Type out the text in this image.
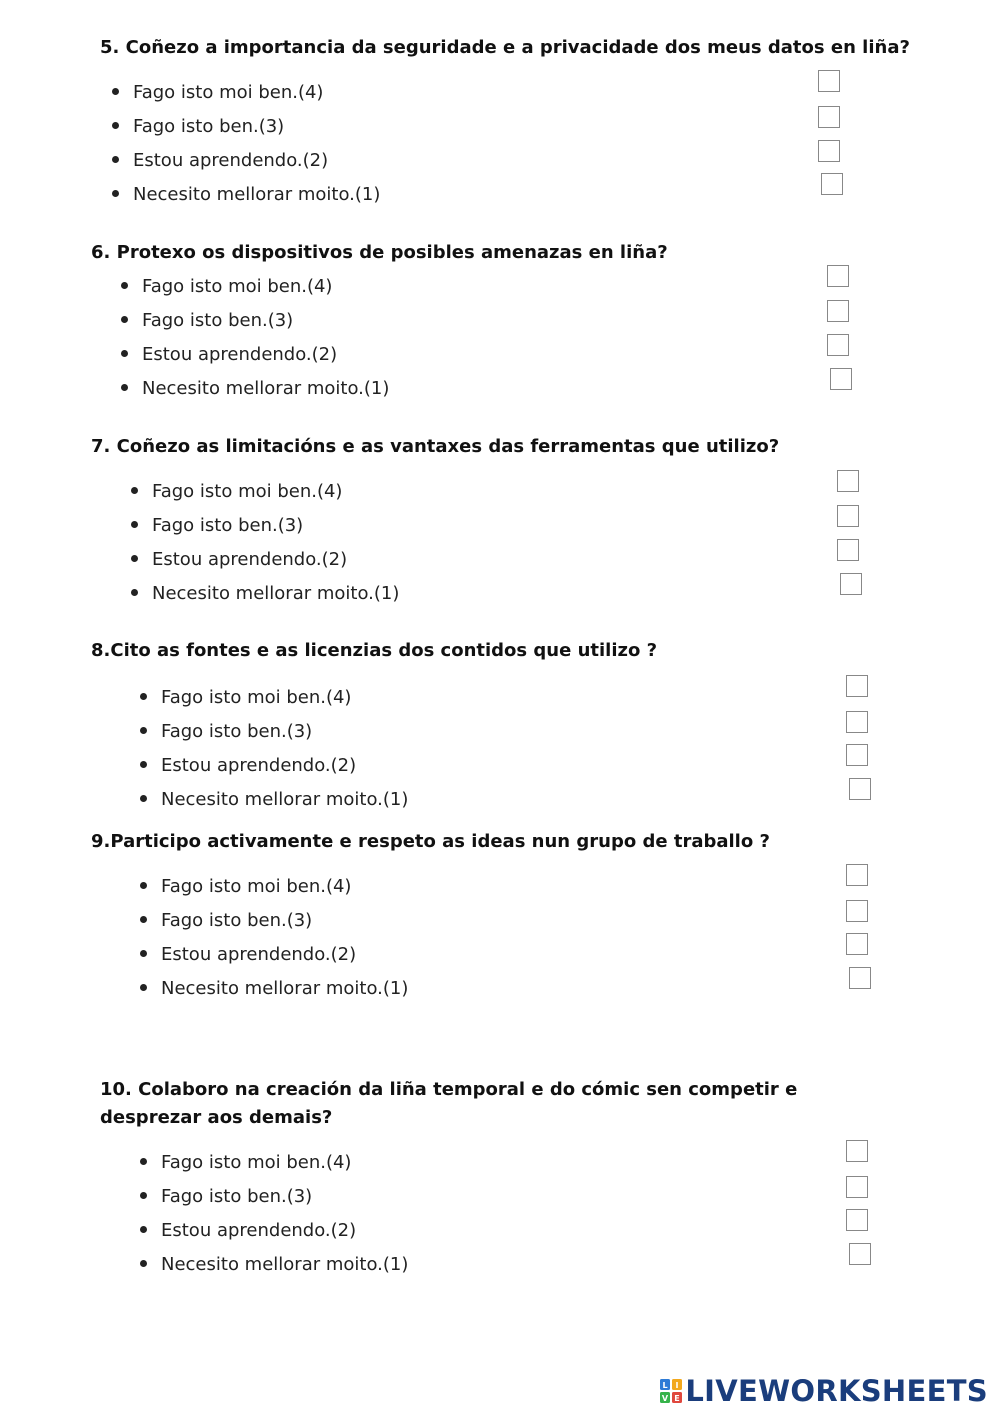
5. Coñezo a importancia da seguridade e a privacidade dos meus datos en liña?

Fago isto moi ben.(4)

Fago isto ben.(3)

Estou aprendendo.(2)

Necesito mellorar moito.(1)

6. Protexo os dispositivos de posibles amenazas en liña?

Fago isto moi ben.(4)

Fago isto ben.(3)

Estou aprendendo.(2)

Necesito mellorar moito.(1)

7. Coñezo as limitacións e as vantaxes das ferramentas que utilizo?

Fago isto moi ben.(4)

Fago isto ben.(3)

Estou aprendendo.(2)

Necesito mellorar moito.(1)

8.Cito as fontes e as licenzias dos contidos que utilizo ?

Fago isto moi ben.(4)

Fago isto ben.(3)

Estou aprendendo.(2)

Necesito mellorar moito.(1)

9.Participo activamente e respeto as ideas nun grupo de traballo ?

Fago isto moi ben.(4)

Fago isto ben.(3)

Estou aprendendo.(2)

Necesito mellorar moito.(1)

10. Colaboro na creación da liña temporal e do cómic sen competir e desprezar aos demais?

Fago isto moi ben.(4)

Fago isto ben.(3)

Estou aprendendo.(2)

Necesito mellorar moito.(1)

L I
V E LIVEWORKSHEETS
